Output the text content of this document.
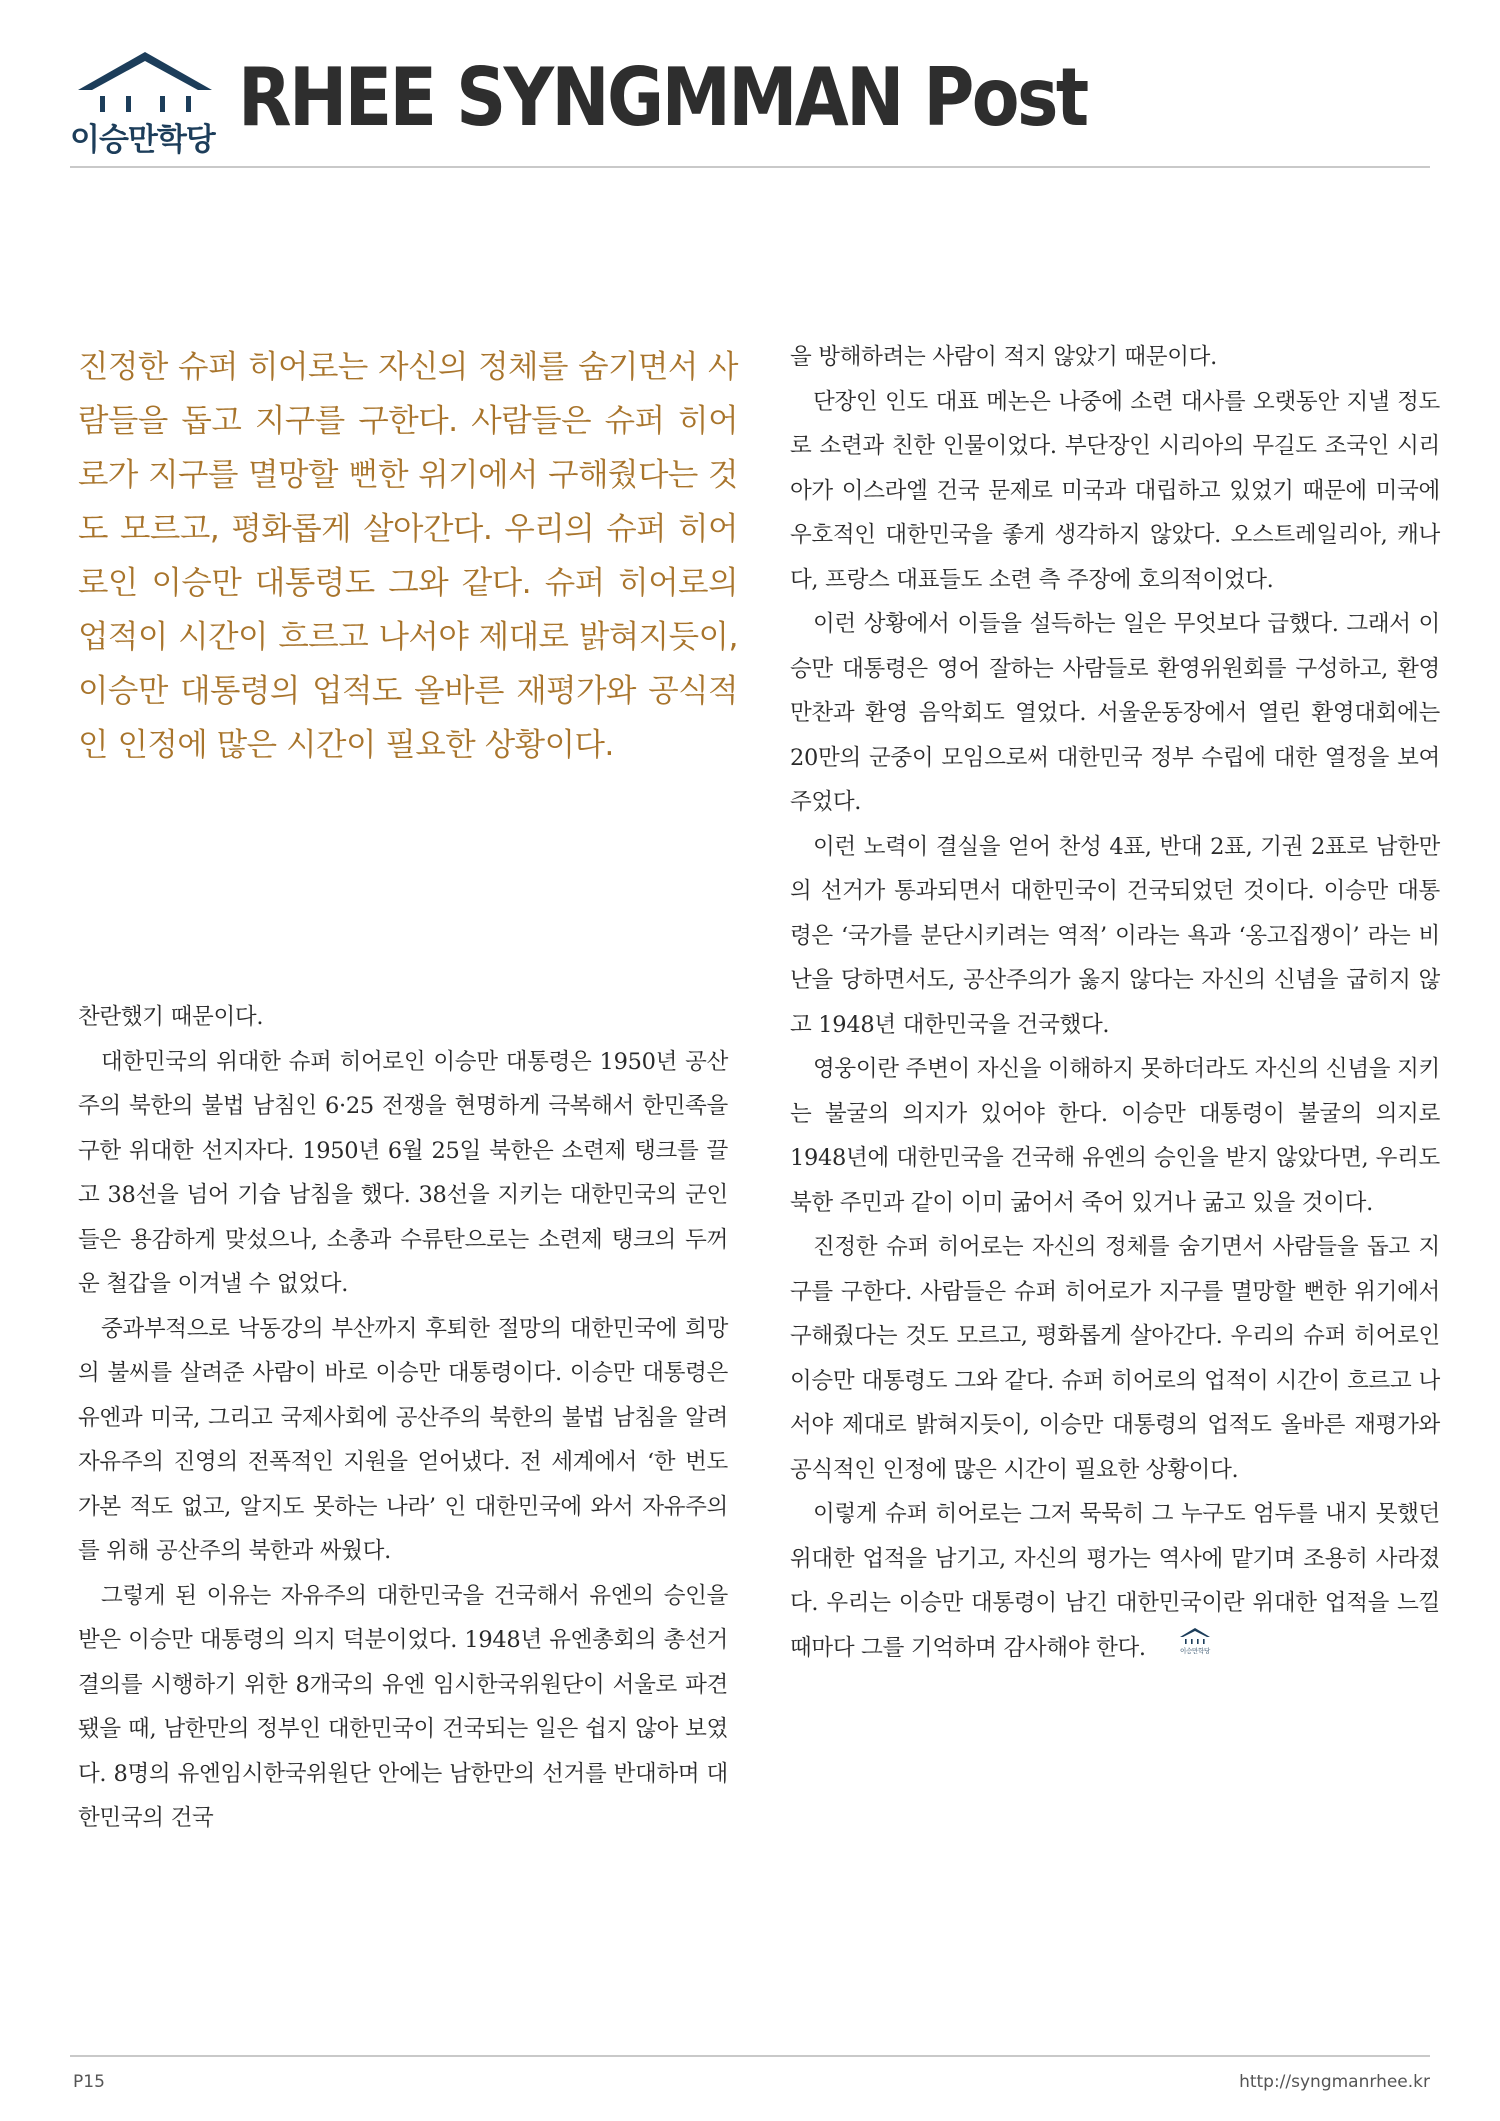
이승만학당 RHEE SYNGMMAN Post
진정한 슈퍼 히어로는 자신의 정체를 숨기면서 사람들을 돕고 지구를 구한다. 사람들은 슈퍼 히어로가 지구를 멸망할 뻔한 위기에서 구해줬다는 것도 모르고, 평화롭게 살아간다. 우리의 슈퍼 히어로인 이승만 대통령도 그와 같다. 슈퍼 히어로의 업적이 시간이 흐르고 나서야 제대로 밝혀지듯이, 이승만 대통령의 업적도 올바른 재평가와 공식적인 인정에 많은 시간이 필요한 상황이다.

찬란했기 때문이다.

대한민국의 위대한 슈퍼 히어로인 이승만 대통령은 1950년 공산주의 북한의 불법 남침인 6·25 전쟁을 현명하게 극복해서 한민족을 구한 위대한 선지자다. 1950년 6월 25일 북한은 소련제 탱크를 끌고 38선을 넘어 기습 남침을 했다. 38선을 지키는 대한민국의 군인들은 용감하게 맞섰으나, 소총과 수류탄으로는 소련제 탱크의 두꺼운 철갑을 이겨낼 수 없었다.

중과부적으로 낙동강의 부산까지 후퇴한 절망의 대한민국에 희망의 불씨를 살려준 사람이 바로 이승만 대통령이다. 이승만 대통령은 유엔과 미국, 그리고 국제사회에 공산주의 북한의 불법 남침을 알려 자유주의 진영의 전폭적인 지원을 얻어냈다. 전 세계에서 ‘한 번도 가본 적도 없고, 알지도 못하는 나라’ 인 대한민국에 와서 자유주의를 위해 공산주의 북한과 싸웠다.

그렇게 된 이유는 자유주의 대한민국을 건국해서 유엔의 승인을 받은 이승만 대통령의 의지 덕분이었다. 1948년 유엔총회의 총선거 결의를 시행하기 위한 8개국의 유엔 임시한국위원단이 서울로 파견됐을 때, 남한만의 정부인 대한민국이 건국되는 일은 쉽지 않아 보였다. 8명의 유엔임시한국위원단 안에는 남한만의 선거를 반대하며 대한민국의 건국

을 방해하려는 사람이 적지 않았기 때문이다.

단장인 인도 대표 메논은 나중에 소련 대사를 오랫동안 지낼 정도로 소련과 친한 인물이었다. 부단장인 시리아의 무길도 조국인 시리아가 이스라엘 건국 문제로 미국과 대립하고 있었기 때문에 미국에 우호적인 대한민국을 좋게 생각하지 않았다. 오스트레일리아, 캐나다, 프랑스 대표들도 소련 측 주장에 호의적이었다.

이런 상황에서 이들을 설득하는 일은 무엇보다 급했다. 그래서 이승만 대통령은 영어 잘하는 사람들로 환영위원회를 구성하고, 환영 만찬과 환영 음악회도 열었다. 서울운동장에서 열린 환영대회에는 20만의 군중이 모임으로써 대한민국 정부 수립에 대한 열정을 보여주었다.

이런 노력이 결실을 얻어 찬성 4표, 반대 2표, 기권 2표로 남한만의 선거가 통과되면서 대한민국이 건국되었던 것이다. 이승만 대통령은 ‘국가를 분단시키려는 역적’ 이라는 욕과 ‘옹고집쟁이’ 라는 비난을 당하면서도, 공산주의가 옳지 않다는 자신의 신념을 굽히지 않고 1948년 대한민국을 건국했다.

영웅이란 주변이 자신을 이해하지 못하더라도 자신의 신념을 지키는 불굴의 의지가 있어야 한다. 이승만 대통령이 불굴의 의지로 1948년에 대한민국을 건국해 유엔의 승인을 받지 않았다면, 우리도 북한 주민과 같이 이미 굶어서 죽어 있거나 굶고 있을 것이다.

진정한 슈퍼 히어로는 자신의 정체를 숨기면서 사람들을 돕고 지구를 구한다. 사람들은 슈퍼 히어로가 지구를 멸망할 뻔한 위기에서 구해줬다는 것도 모르고, 평화롭게 살아간다. 우리의 슈퍼 히어로인 이승만 대통령도 그와 같다. 슈퍼 히어로의 업적이 시간이 흐르고 나서야 제대로 밝혀지듯이, 이승만 대통령의 업적도 올바른 재평가와 공식적인 인정에 많은 시간이 필요한 상황이다.

이렇게 슈퍼 히어로는 그저 묵묵히 그 누구도 엄두를 내지 못했던 위대한 업적을 남기고, 자신의 평가는 역사에 맡기며 조용히 사라졌다. 우리는 이승만 대통령이 남긴 대한민국이란 위대한 업적을 느낄 때마다 그를 기억하며 감사해야 한다.	이승만학당

P15	http://syngmanrhee.kr
